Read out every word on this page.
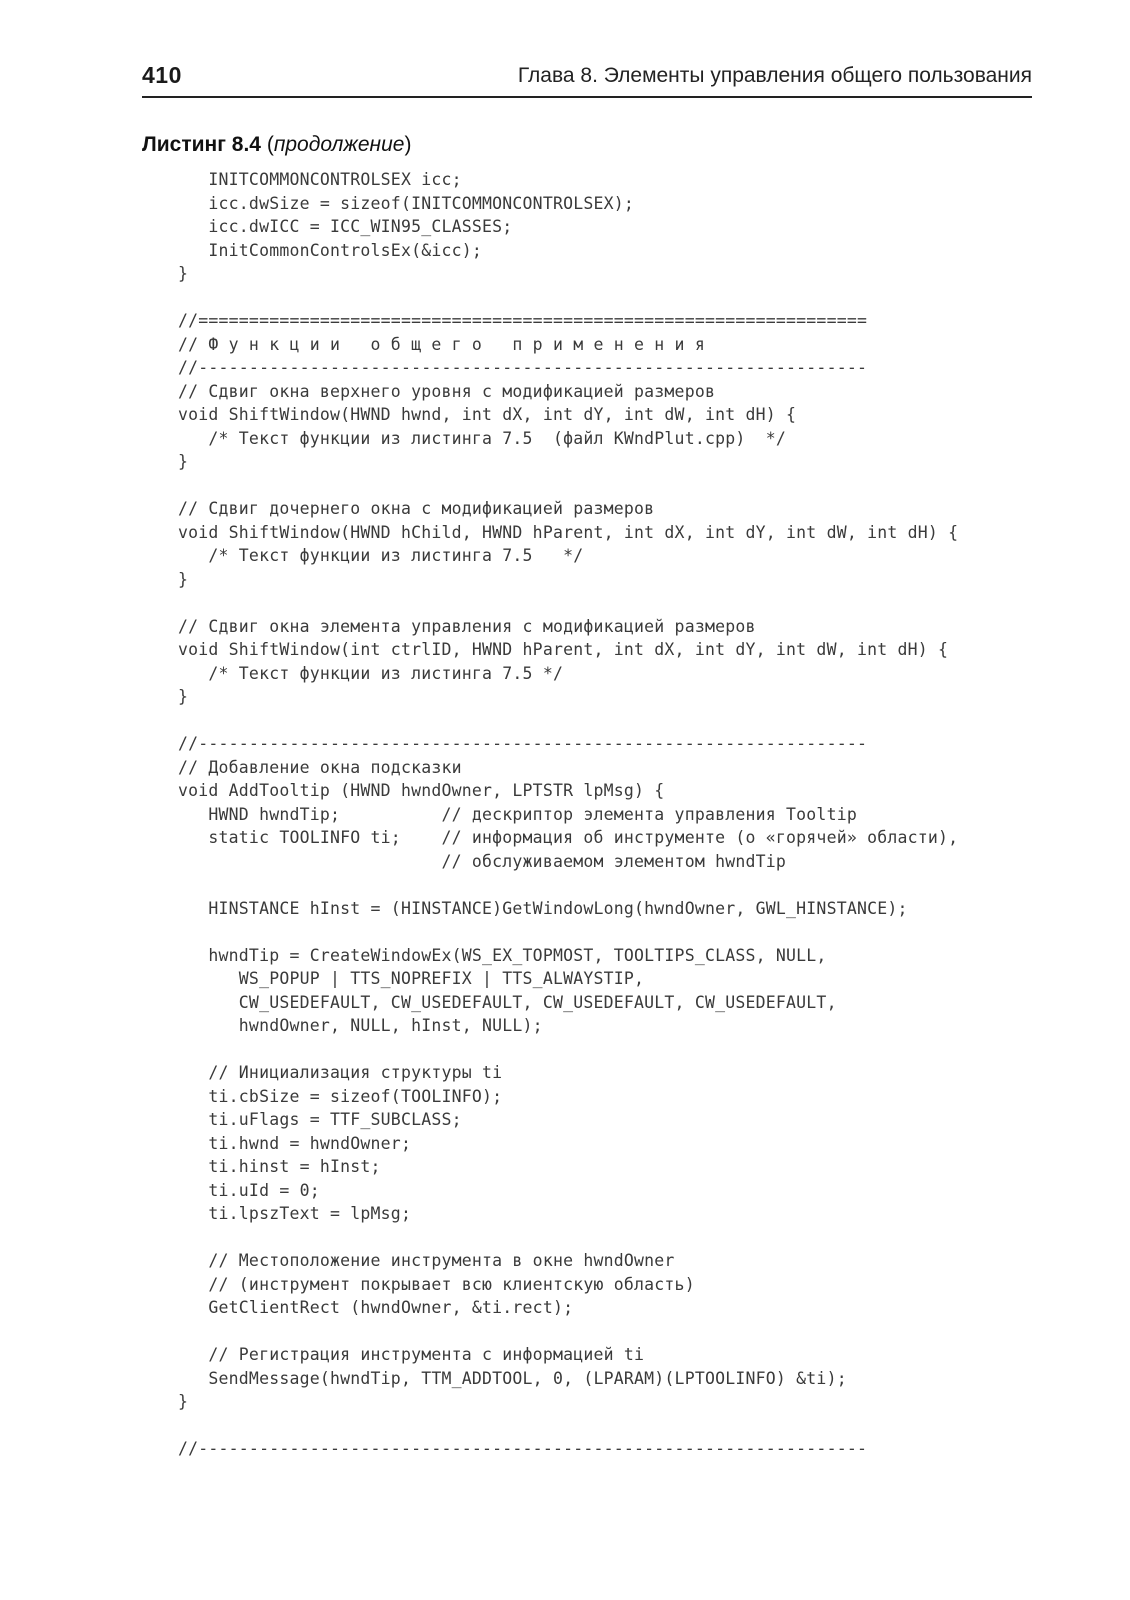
410	Глава 8. Элементы управления общего пользования
Листинг 8.4 (продолжение)
INITCOMMONCONTROLSEX icc;
icc.dwSize = sizeof(INITCOMMONCONTROLSEX);
icc.dwICC = ICC_WIN95_CLASSES;
InitCommonControlsEx(&icc);
}
//==================================================================
// Ф у н к ц и и   о б щ е г о   п р и м е н е н и я
//------------------------------------------------------------------
// Сдвиг окна верхнего уровня с модификацией размеров
void ShiftWindow(HWND hwnd, int dX, int dY, int dW, int dH) {
/* Текст функции из листинга 7.5  (файл KWndPlut.cpp)  */
}
// Сдвиг дочернего окна с модификацией размеров
void ShiftWindow(HWND hChild, HWND hParent, int dX, int dY, int dW, int dH) {
/* Текст функции из листинга 7.5   */
}
// Сдвиг окна элемента управления с модификацией размеров
void ShiftWindow(int ctrlID, HWND hParent, int dX, int dY, int dW, int dH) {
/* Текст функции из листинга 7.5 */
}
//------------------------------------------------------------------
// Добавление окна подсказки
void AddTooltip (HWND hwndOwner, LPTSTR lpMsg) {
HWND hwndTip;          // дескриптор элемента управления Tooltip
static TOOLINFO ti;    // информация об инструменте (о «горячей» области),
// обслуживаемом элементом hwndTip
HINSTANCE hInst = (HINSTANCE)GetWindowLong(hwndOwner, GWL_HINSTANCE);
hwndTip = CreateWindowEx(WS_EX_TOPMOST, TOOLTIPS_CLASS, NULL,
WS_POPUP | TTS_NOPREFIX | TTS_ALWAYSTIP,
CW_USEDEFAULT, CW_USEDEFAULT, CW_USEDEFAULT, CW_USEDEFAULT,
hwndOwner, NULL, hInst, NULL);
// Инициализация структуры ti
ti.cbSize = sizeof(TOOLINFO);
ti.uFlags = TTF_SUBCLASS;
ti.hwnd = hwndOwner;
ti.hinst = hInst;
ti.uId = 0;
ti.lpszText = lpMsg;
// Местоположение инструмента в окне hwndOwner
// (инструмент покрывает всю клиентскую область)
GetClientRect (hwndOwner, &ti.rect);
// Регистрация инструмента с информацией ti
SendMessage(hwndTip, TTM_ADDTOOL, 0, (LPARAM)(LPTOOLINFO) &ti);
}
//------------------------------------------------------------------
